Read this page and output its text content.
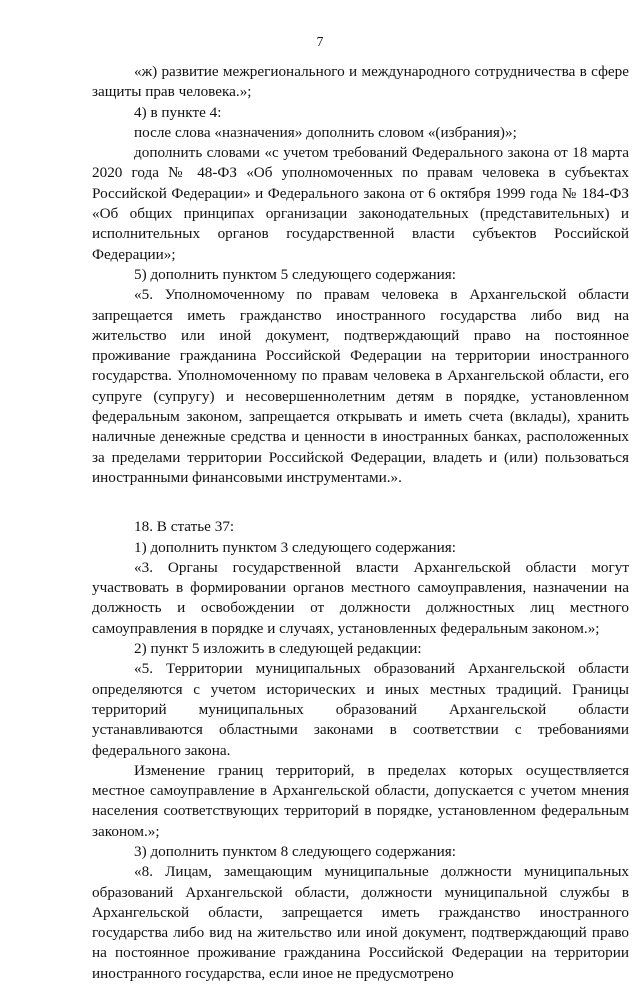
7

«ж) развитие межрегионального и международного сотрудничества в сфере защиты прав человека.»;

4) в пункте 4:

после слова «назначения» дополнить словом «(избрания)»;

дополнить словами «с учетом требований Федерального закона от 18 марта 2020 года № 48-ФЗ «Об уполномоченных по правам человека в субъектах Российской Федерации» и Федерального закона от 6 октября 1999 года № 184-ФЗ «Об общих принципах организации законодательных (представительных) и исполнительных органов государственной власти субъектов Российской Федерации»;

5) дополнить пунктом 5 следующего содержания:

«5. Уполномоченному по правам человека в Архангельской области запрещается иметь гражданство иностранного государства либо вид на жительство или иной документ, подтверждающий право на постоянное проживание гражданина Российской Федерации на территории иностранного государства. Уполномоченному по правам человека в Архангельской области, его супруге (супругу) и несовершеннолетним детям в порядке, установленном федеральным законом, запрещается открывать и иметь счета (вклады), хранить наличные денежные средства и ценности в иностранных банках, расположенных за пределами территории Российской Федерации, владеть и (или) пользоваться иностранными финансовыми инструментами.».

18. В статье 37:

1) дополнить пунктом 3 следующего содержания:

«3. Органы государственной власти Архангельской области могут участвовать в формировании органов местного самоуправления, назначении на должность и освобождении от должности должностных лиц местного самоуправления в порядке и случаях, установленных федеральным законом.»;

2) пункт 5 изложить в следующей редакции:

«5. Территории муниципальных образований Архангельской области определяются с учетом исторических и иных местных традиций. Границы территорий муниципальных образований Архангельской области устанавливаются областными законами в соответствии с требованиями федерального закона.

Изменение границ территорий, в пределах которых осуществляется местное самоуправление в Архангельской области, допускается с учетом мнения населения соответствующих территорий в порядке, установленном федеральным законом.»;

3) дополнить пунктом 8 следующего содержания:

«8. Лицам, замещающим муниципальные должности муниципальных образований Архангельской области, должности муниципальной службы в Архангельской области, запрещается иметь гражданство иностранного государства либо вид на жительство или иной документ, подтверждающий право на постоянное проживание гражданина Российской Федерации на территории иностранного государства, если иное не предусмотрено
